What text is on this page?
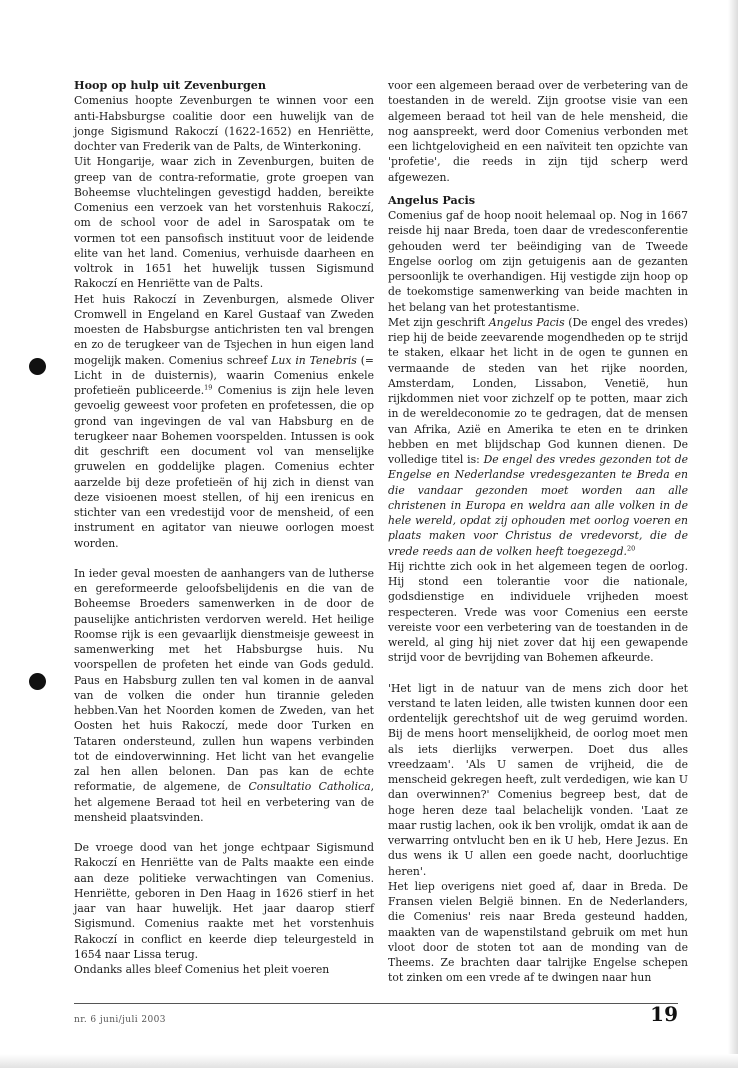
Hoop op hulp uit Zevenburgen

Comenius hoopte Zevenburgen te winnen voor een anti-Habsburgse coalitie door een huwelijk van de jonge Sigismund Rakoczí (1622-1652) en Henriëtte, dochter van Frederik van de Palts, de Winterkoning.

Uit Hongarije, waar zich in Zevenburgen, buiten de greep van de contra-reformatie, grote groepen van Boheemse vluchtelingen gevestigd hadden, bereikte Comenius een verzoek van het vorstenhuis Rakoczí, om de school voor de adel in Sarospatak om te vormen tot een pansofisch instituut voor de leidende elite van het land. Comenius, verhuisde daarheen en voltrok in 1651 het huwelijk tussen Sigismund Rakoczí en Henriëtte van de Palts.

Het huis Rakoczí in Zevenburgen, alsmede Oliver Cromwell in Engeland en Karel Gustaaf van Zweden moesten de Habsburgse antichristen ten val brengen en zo de terugkeer van de Tsjechen in hun eigen land mogelijk maken. Comenius schreef Lux in Tenebris (= Licht in de duisternis), waarin Comenius enkele profetieën publiceerde.$^{19}$ Comenius is zijn hele leven gevoelig geweest voor profeten en profetessen, die op grond van ingevingen de val van Habsburg en de terugkeer naar Bohemen voorspelden. Intussen is ook dit geschrift een document vol van menselijke gruwelen en goddelijke plagen. Comenius echter aarzelde bij deze profetieën of hij zich in dienst van deze visioenen moest stellen, of hij een irenicus en stichter van een vredestijd voor de mensheid, of een instrument en agitator van nieuwe oorlogen moest worden.

In ieder geval moesten de aanhangers van de lutherse en gereformeerde geloofsbelijdenis en die van de Boheemse Broeders samenwerken in de door de pauselijke antichristen verdorven wereld. Het heilige Roomse rijk is een gevaarlijk dienstmeisje geweest in samenwerking met het Habsburgse huis. Nu voorspellen de profeten het einde van Gods geduld. Paus en Habsburg zullen ten val komen in de aanval van de volken die onder hun tirannie geleden hebben.Van het Noorden komen de Zweden, van het Oosten het huis Rakoczí, mede door Turken en Tataren ondersteund, zullen hun wapens verbinden tot de eindoverwinning. Het licht van het evangelie zal hen allen belonen. Dan pas kan de echte reformatie, de algemene, de Consultatio Catholica, het algemene Beraad tot heil en verbetering van de mensheid plaatsvinden.

De vroege dood van het jonge echtpaar Sigismund Rakoczí en Henriëtte van de Palts maakte een einde aan deze politieke verwachtingen van Comenius. Henriëtte, geboren in Den Haag in 1626 stierf in het jaar van haar huwelijk. Het jaar daarop stierf Sigismund. Comenius raakte met het vorstenhuis Rakoczí in conflict en keerde diep teleurgesteld in 1654 naar Lissa terug.

Ondanks alles bleef Comenius het pleit voeren

voor een algemeen beraad over de verbetering van de toestanden in de wereld. Zijn grootse visie van een algemeen beraad tot heil van de hele mensheid, die nog aanspreekt, werd door Comenius verbonden met een lichtgelovigheid en een naïviteit ten opzichte van 'profetie', die reeds in zijn tijd scherp werd afgewezen.

Angelus Pacis

Comenius gaf de hoop nooit helemaal op. Nog in 1667 reisde hij naar Breda, toen daar de vredesconferentie gehouden werd ter beëindiging van de Tweede Engelse oorlog om zijn getuigenis aan de gezanten persoonlijk te overhandigen. Hij vestigde zijn hoop op de toekomstige samenwerking van beide machten in het belang van het protestantisme.

Met zijn geschrift Angelus Pacis (De engel des vredes) riep hij de beide zeevarende mogendheden op te strijd te staken, elkaar het licht in de ogen te gunnen en vermaande de steden van het rijke noorden, Amsterdam, Londen, Lissabon, Venetië, hun rijkdommen niet voor zichzelf op te potten, maar zich in de wereldeconomie zo te gedragen, dat de mensen van Afrika, Azië en Amerika te eten en te drinken hebben en met blijdschap God kunnen dienen. De volledige titel is: De engel des vredes gezonden tot de Engelse en Nederlandse vredesgezanten te Breda en die vandaar gezonden moet worden aan alle christenen in Europa en weldra aan alle volken in de hele wereld, opdat zij ophouden met oorlog voeren en plaats maken voor Christus de vredevorst, die de vrede reeds aan de volken heeft toegezegd.$^{20}$

Hij richtte zich ook in het algemeen tegen de oorlog. Hij stond een tolerantie voor die nationale, godsdienstige en individuele vrijheden moest respecteren. Vrede was voor Comenius een eerste vereiste voor een verbetering van de toestanden in de wereld, al ging hij niet zover dat hij een gewapende strijd voor de bevrijding van Bohemen afkeurde.

'Het ligt in de natuur van de mens zich door het verstand te laten leiden, alle twisten kunnen door een ordentelijk gerechtshof uit de weg geruimd worden. Bij de mens hoort menselijkheid, de oorlog moet men als iets dierlijks verwerpen. Doet dus alles vreedzaam'. 'Als U samen de vrijheid, die de menscheid gekregen heeft, zult verdedigen, wie kan U dan overwinnen?' Comenius begreep best, dat de hoge heren deze taal belachelijk vonden. 'Laat ze maar rustig lachen, ook ik ben vrolijk, omdat ik aan de verwarring ontvlucht ben en ik U heb, Here Jezus. En dus wens ik U allen een goede nacht, doorluchtige heren'.

Het liep overigens niet goed af, daar in Breda. De Fransen vielen België binnen. En de Nederlanders, die Comenius' reis naar Breda gesteund hadden, maakten van de wapenstilstand gebruik om met hun vloot door de stoten tot aan de monding van de Theems. Ze brachten daar talrijke Engelse schepen tot zinken om een vrede af te dwingen naar hun

nr. 6 juni/juli 2003	19
